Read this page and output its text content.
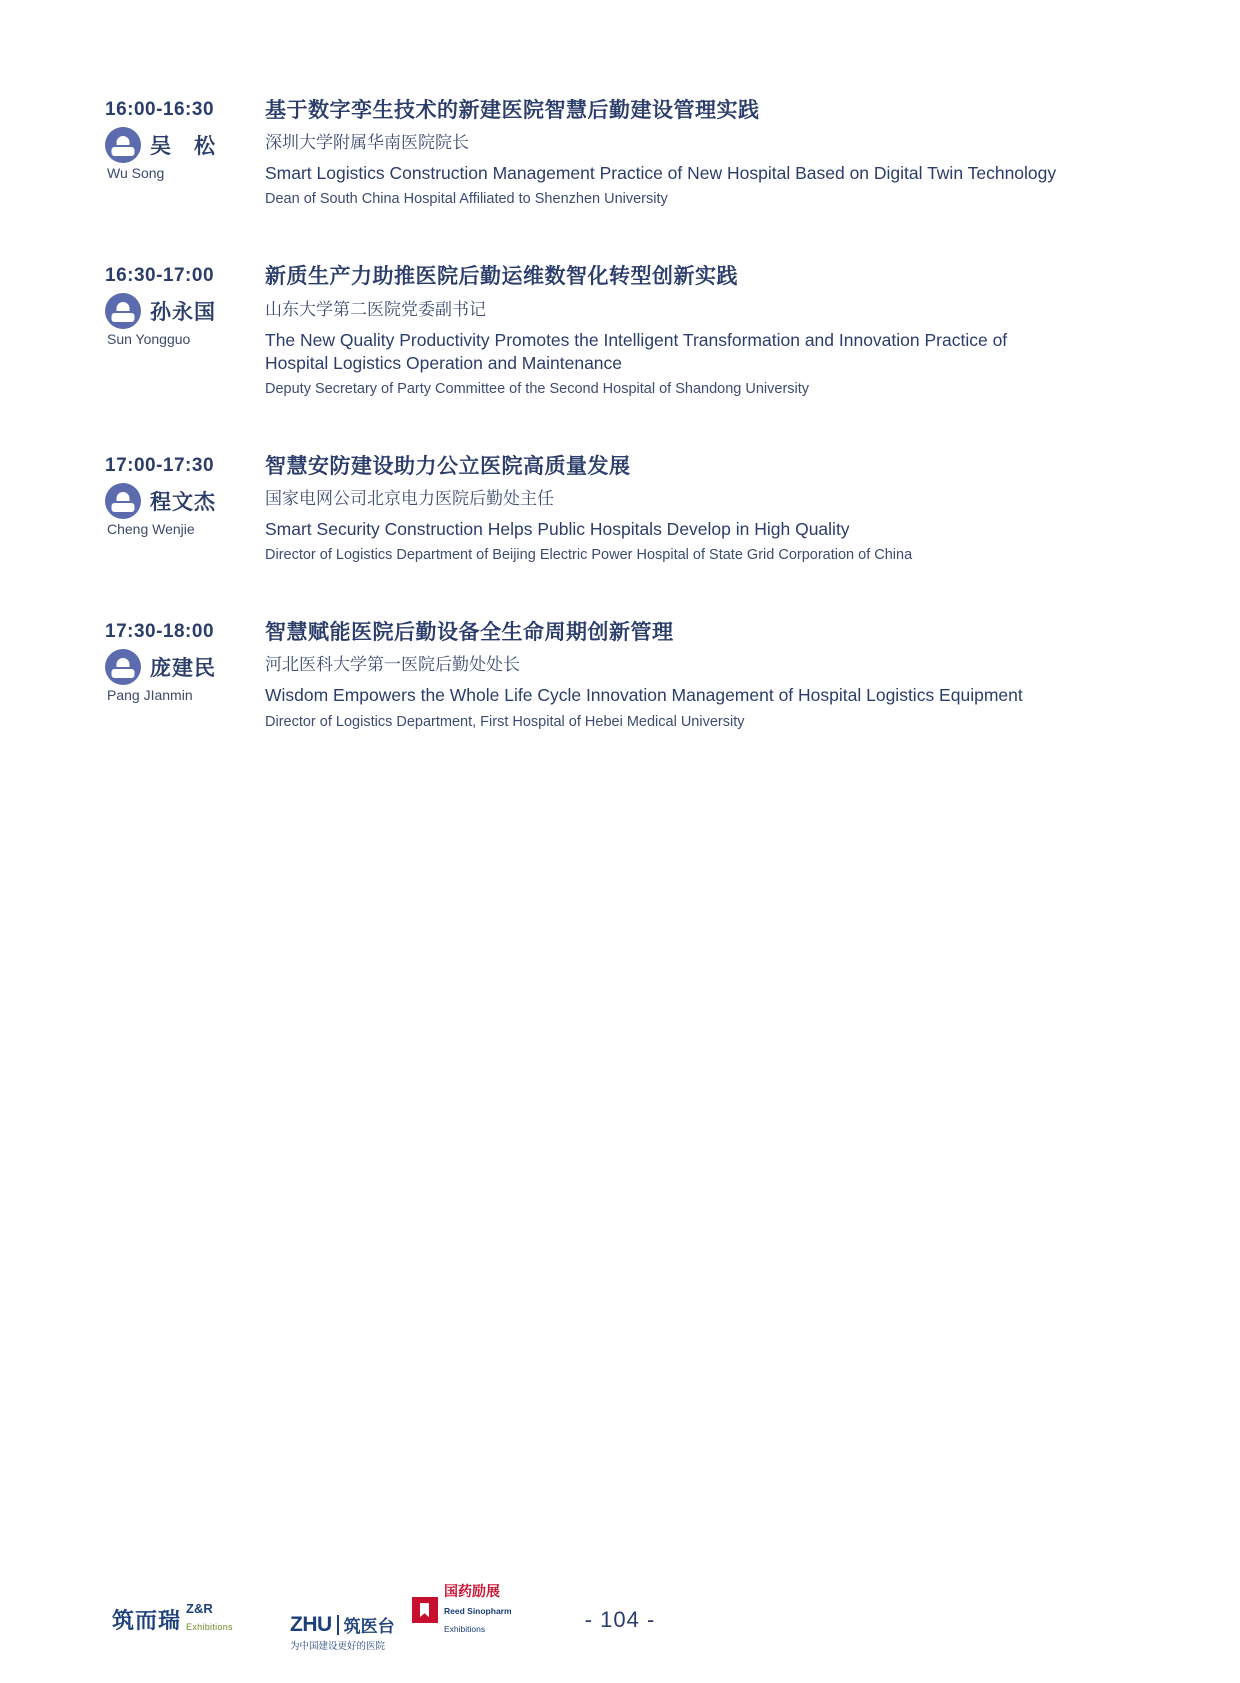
16:00-16:30
吴　松
Wu Song
基于数字孪生技术的新建医院智慧后勤建设管理实践
深圳大学附属华南医院院长
Smart Logistics Construction Management Practice of New Hospital Based on Digital Twin Technology
Dean of South China Hospital Affiliated to Shenzhen University
16:30-17:00
孙永国
Sun Yongguo
新质生产力助推医院后勤运维数智化转型创新实践
山东大学第二医院党委副书记
The New Quality Productivity Promotes the Intelligent Transformation and Innovation Practice of Hospital Logistics Operation and Maintenance
Deputy Secretary of Party Committee of the Second Hospital of Shandong University
17:00-17:30
程文杰
Cheng Wenjie
智慧安防建设助力公立医院高质量发展
国家电网公司北京电力医院后勤处主任
Smart Security Construction Helps Public Hospitals Develop in High Quality
Director of Logistics Department of Beijing Electric Power Hospital of State Grid Corporation of China
17:30-18:00
庞建民
Pang JIanmin
智慧赋能医院后勤设备全生命周期创新管理
河北医科大学第一医院后勤处处长
Wisdom Empowers the Whole Life Cycle Innovation Management of Hospital Logistics Equipment
Director of Logistics Department, First Hospital of Hebei Medical University
筑而瑞 Z&R
Exhibitions	ZHU 筑医台
为中国建设更好的医院
国药励展
Reed Sinopharm
Exhibitions	- 104 -
